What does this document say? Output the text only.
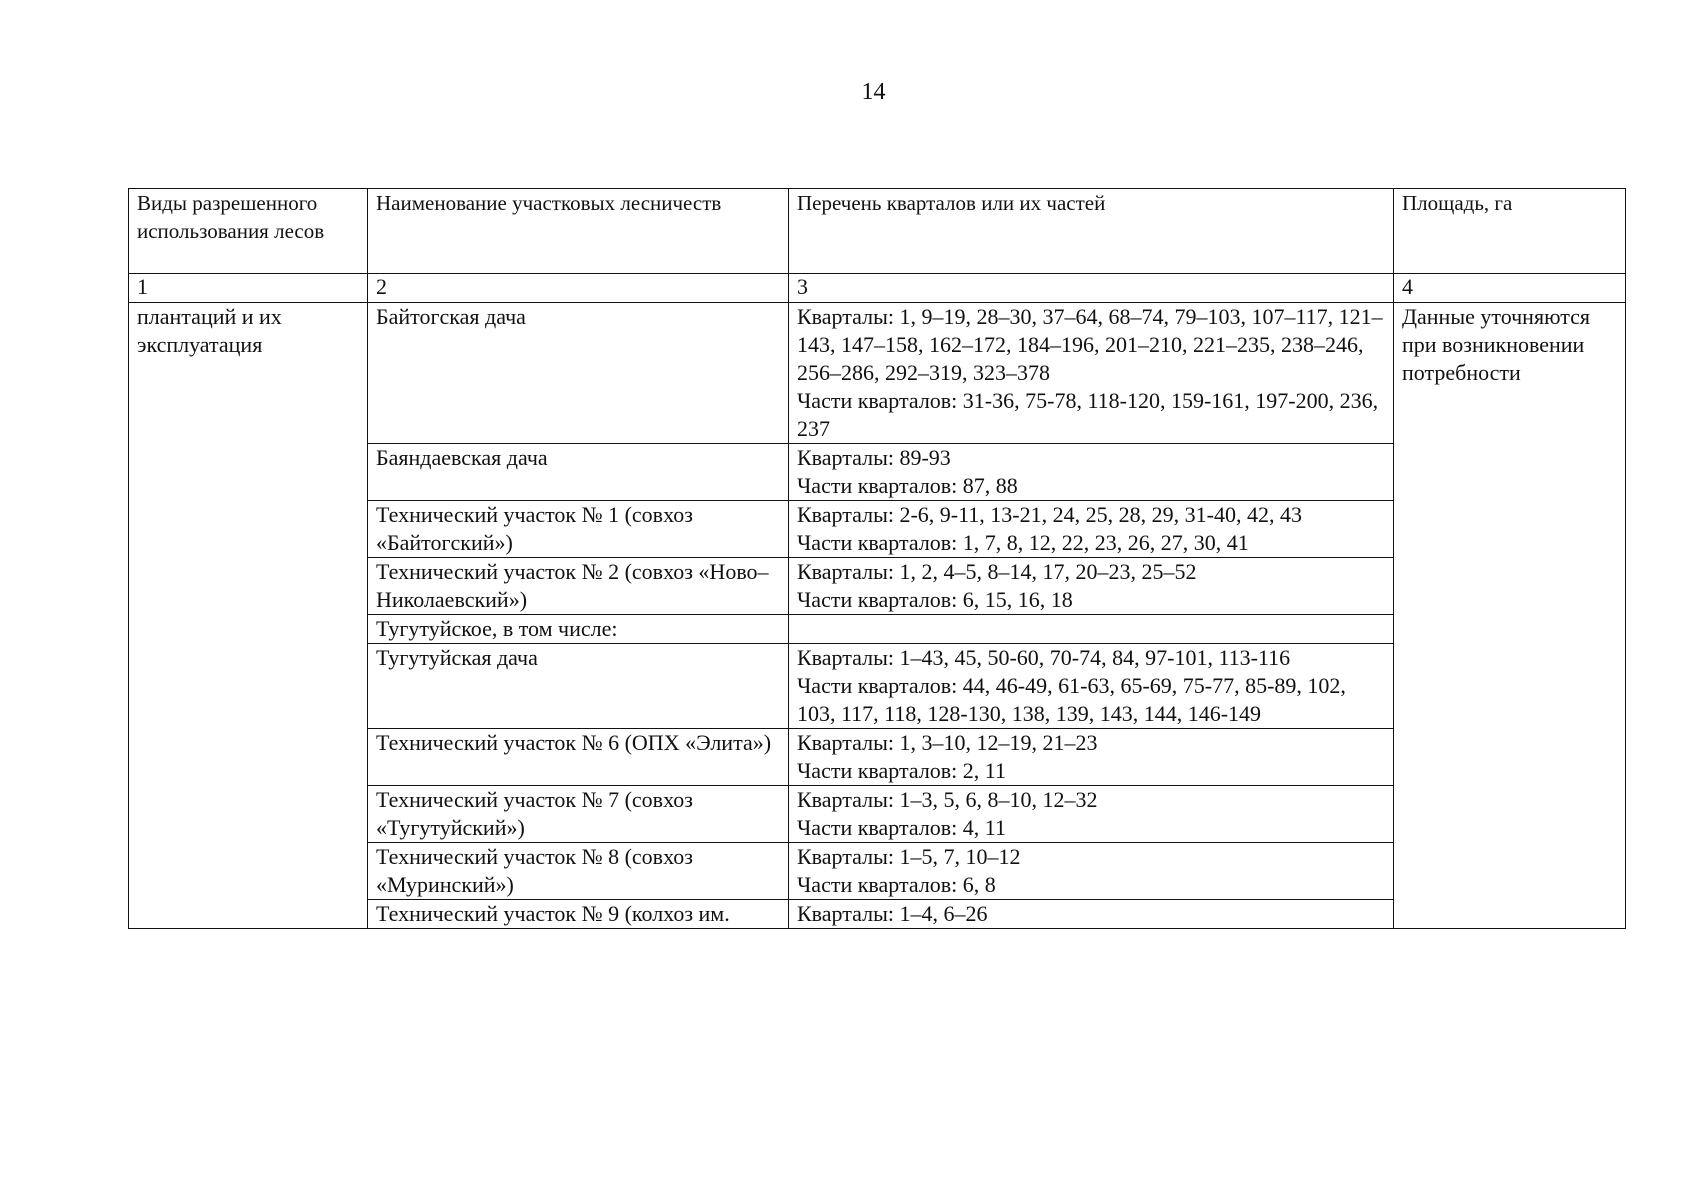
14
Виды разрешенного использования лесов	Наименование участковых лесничеств	Перечень кварталов или их частей	Площадь, га
1	2	3	4
плантаций и их эксплуатация	Байтогская дача	Кварталы: 1, 9–19, 28–30, 37–64, 68–74, 79–103, 107–117, 121–143, 147–158, 162–172, 184–196, 201–210, 221–235, 238–246, 256–286, 292–319, 323–378
Части кварталов: 31-36, 75-78, 118-120, 159-161, 197-200, 236, 237	Данные уточняются при возникновении потребности
	Баяндаевская дача	Кварталы: 89-93
Части кварталов: 87, 88	

	Технический участок № 1 (совхоз «Байтогский»)	Кварталы: 2-6, 9-11, 13-21, 24, 25, 28, 29, 31-40, 42, 43
Части кварталов: 1, 7, 8, 12, 22, 23, 26, 27, 30, 41	

	Технический участок № 2 (совхоз «Ново–Николаевский»)	Кварталы: 1, 2, 4–5, 8–14, 17, 20–23, 25–52
Части кварталов: 6, 15, 16, 18	

	Тугутуйское, в том числе:		

	Тугутуйская дача	Кварталы: 1–43, 45, 50-60, 70-74, 84, 97-101, 113-116
Части кварталов: 44, 46-49, 61-63, 65-69, 75-77, 85-89, 102, 103, 117, 118, 128-130, 138, 139, 143, 144, 146-149	

	Технический участок № 6 (ОПХ «Элита»)	Кварталы: 1, 3–10, 12–19, 21–23
Части кварталов: 2, 11	

	Технический участок № 7 (совхоз «Тугутуйский»)	Кварталы: 1–3, 5, 6, 8–10, 12–32
Части кварталов: 4, 11	

	Технический участок № 8 (совхоз «Муринский»)	Кварталы: 1–5, 7, 10–12
Части кварталов: 6, 8	

	Технический участок № 9 (колхоз им.	Кварталы: 1–4, 6–26	
